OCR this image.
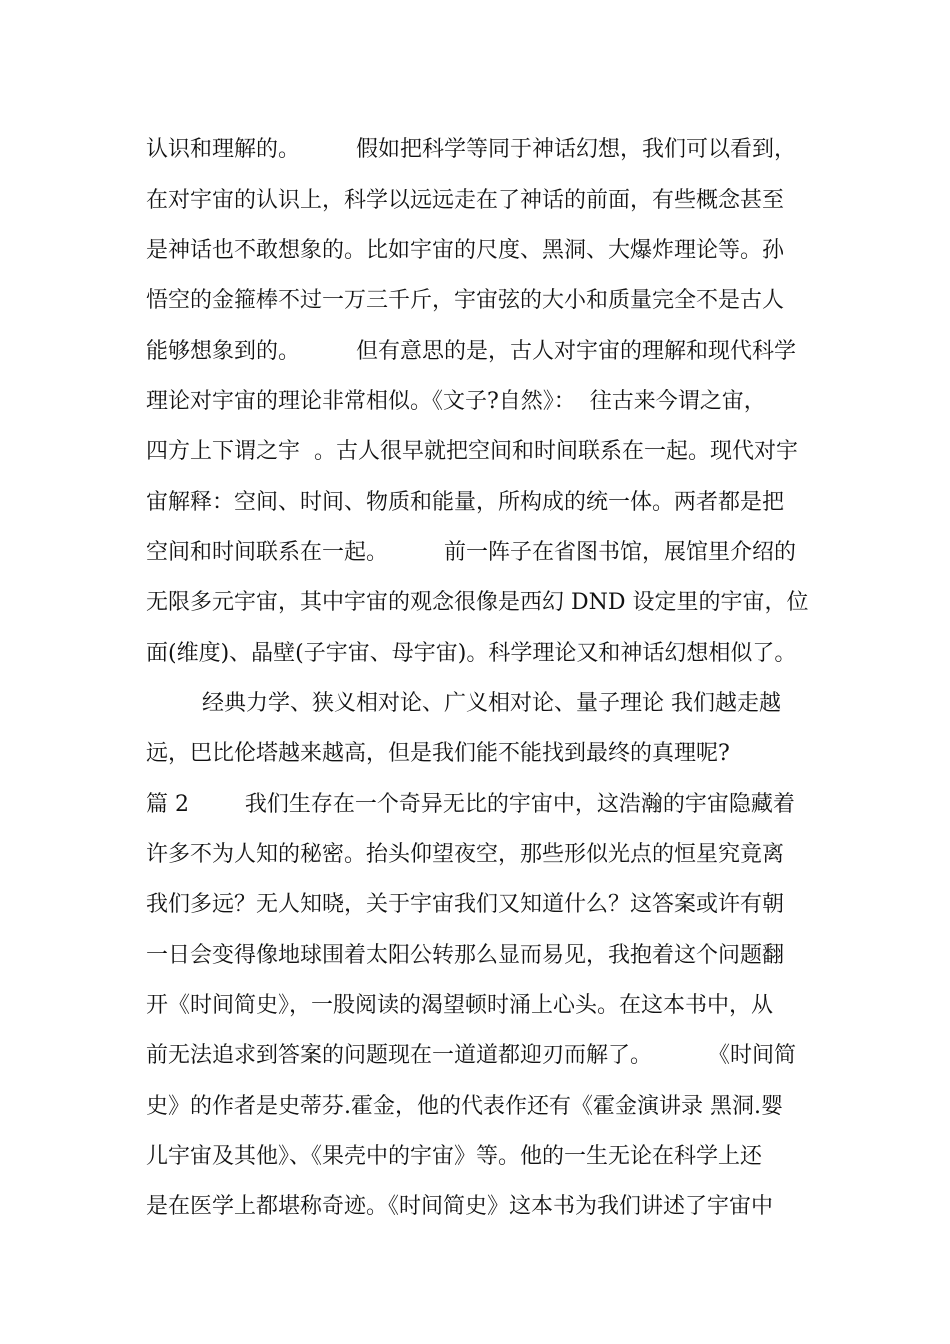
认识和理解的。        假如把科学等同于神话幻想，我们可以看到，
在对宇宙的认识上，科学以远远走在了神话的前面，有些概念甚至
是神话也不敢想象的。比如宇宙的尺度、黑洞、大爆炸理论等。孙
悟空的金箍棒不过一万三千斤，宇宙弦的大小和质量完全不是古人
能够想象到的。        但有意思的是，古人对宇宙的理解和现代科学
理论对宇宙的理论非常相似。《文子?自然》：  往古来今谓之宙，
四方上下谓之宇  。古人很早就把空间和时间联系在一起。现代对宇
宙解释：空间、时间、物质和能量，所构成的统一体。两者都是把
空间和时间联系在一起。        前一阵子在省图书馆，展馆里介绍的
无限多元宇宙，其中宇宙的观念很像是西幻 DND 设定里的宇宙，位
面(维度)、晶壁(子宇宙、母宇宙)。科学理论又和神话幻想相似了。
经典力学、狭义相对论、广义相对论、量子理论 我们越走越
远，巴比伦塔越来越高，但是我们能不能找到最终的真理呢?
篇 2        我们生存在一个奇异无比的宇宙中，这浩瀚的宇宙隐藏着
许多不为人知的秘密。抬头仰望夜空，那些形似光点的恒星究竟离
我们多远？无人知晓，关于宇宙我们又知道什么？这答案或许有朝
一日会变得像地球围着太阳公转那么显而易见，我抱着这个问题翻
开《时间简史》，一股阅读的渴望顿时涌上心头。在这本书中，从
前无法追求到答案的问题现在一道道都迎刃而解了。        《时间简
史》的作者是史蒂芬.霍金，他的代表作还有《霍金演讲录 黑洞.婴
儿宇宙及其他》、《果壳中的宇宙》等。他的一生无论在科学上还
是在医学上都堪称奇迹。《时间简史》这本书为我们讲述了宇宙中
